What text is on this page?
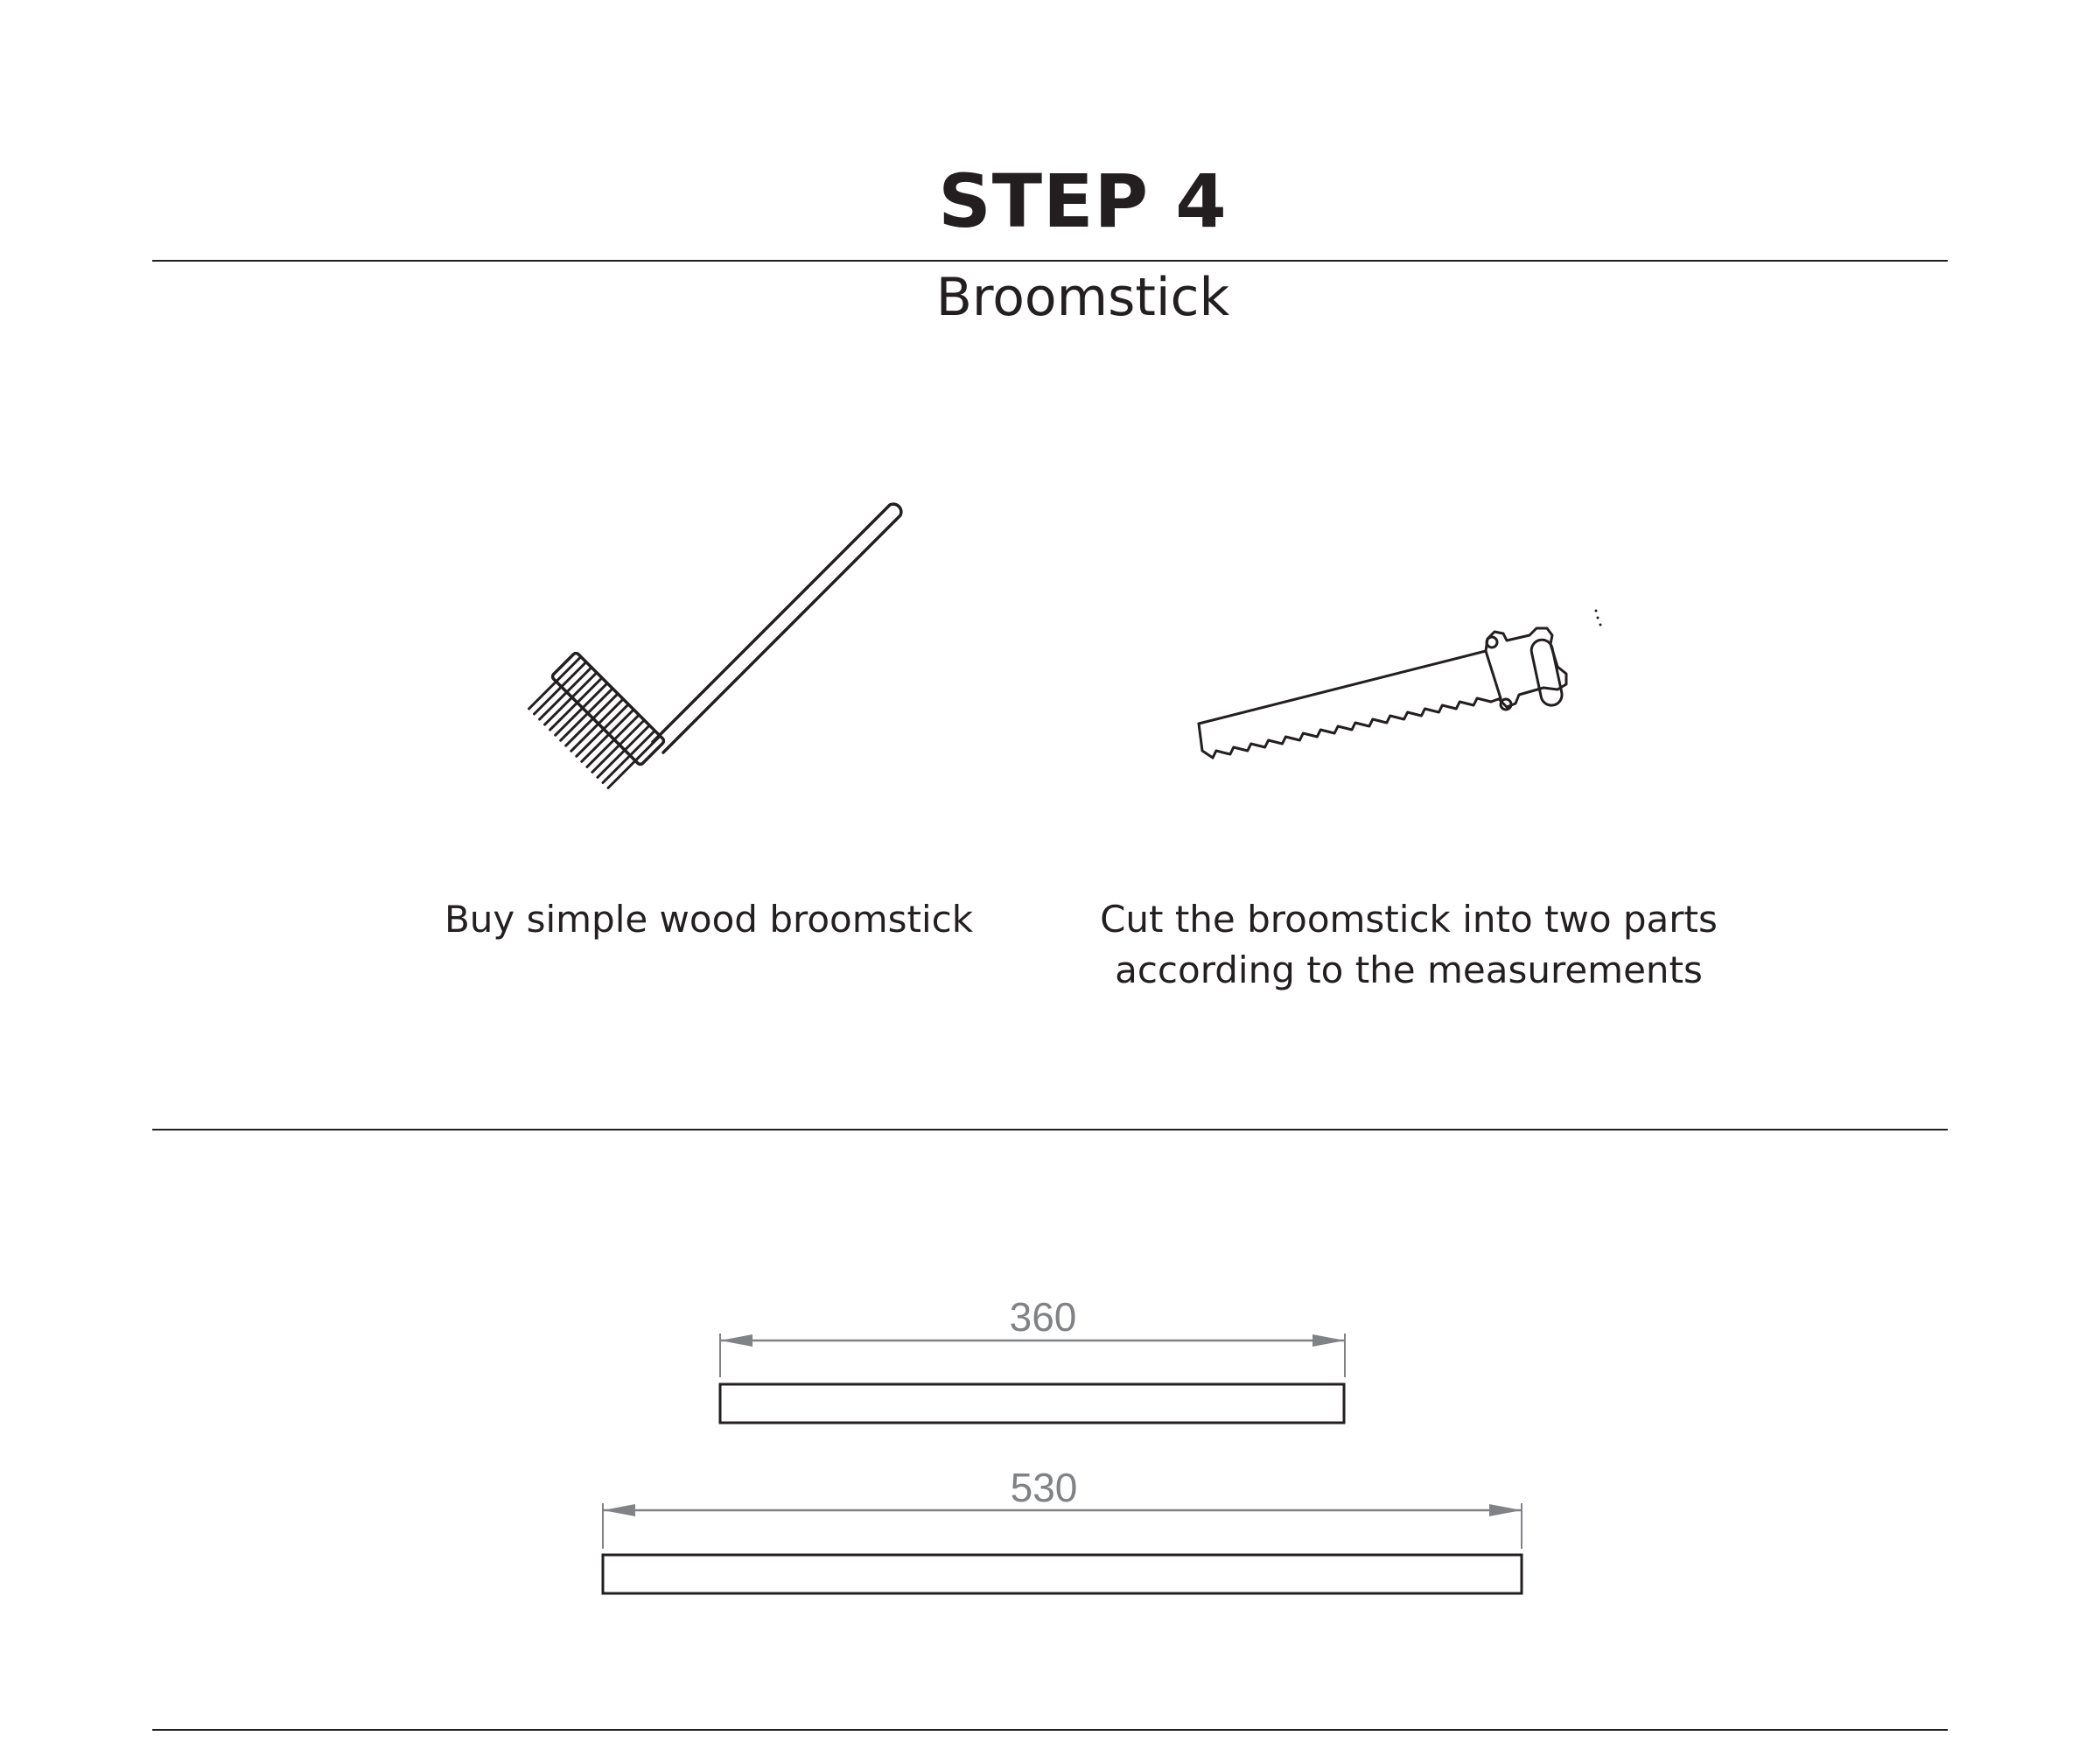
STEP 4
Broomstick
Buy simple wood broomstick	Cut the broomstick into two parts
according to the measurements
360
530
